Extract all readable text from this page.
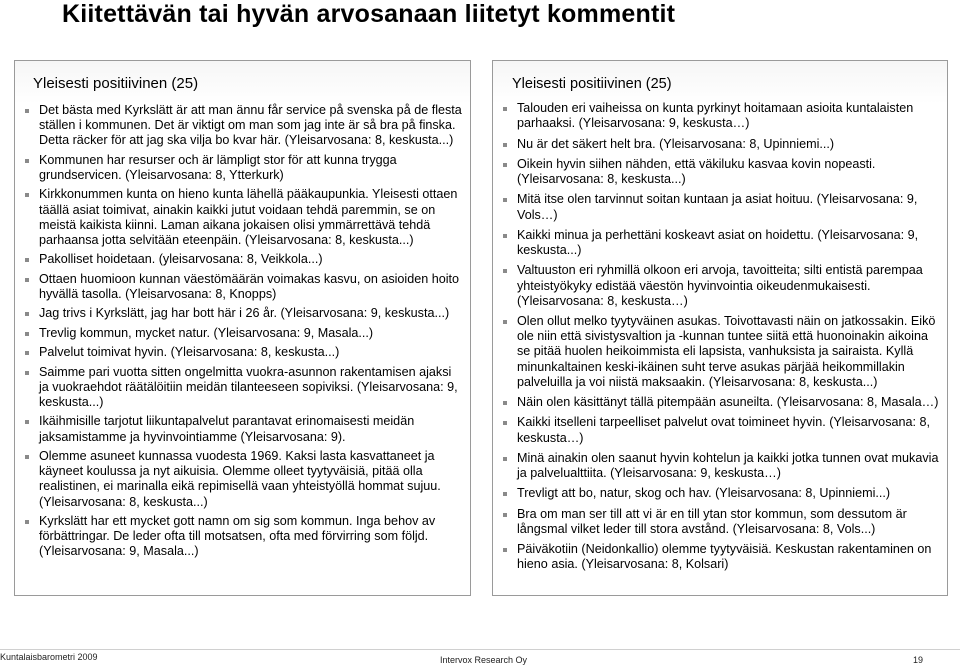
Kiitettävän tai hyvän arvosanaan liitetyt kommentit
Yleisesti positiivinen (25)
Det bästa med Kyrkslätt är att man ännu får service på svenska på de flesta ställen i kommunen. Det är viktigt om man som jag inte är så bra på finska. Detta räcker för att jag ska vilja bo kvar här. (Yleisarvosana: 8, keskusta...)
Kommunen har resurser och är lämpligt stor för att kunna trygga grundservicen. (Yleisarvosana: 8, Ytterkurk)
Kirkkonummen kunta on hieno kunta lähellä pääkaupunkia. Yleisesti ottaen täällä asiat toimivat, ainakin kaikki jutut voidaan tehdä paremmin, se on meistä kaikista kiinni. Laman aikana jokaisen olisi ymmärrettävä tehdä parhaansa jotta selvitään eteenpäin. (Yleisarvosana: 8, keskusta...)
Pakolliset hoidetaan. (yleisarvosana: 8, Veikkola...)
Ottaen huomioon kunnan väestömäärän voimakas kasvu, on asioiden hoito hyvällä tasolla. (Yleisarvosana: 8, Knopps)
Jag trivs i Kyrkslätt, jag har bott här i 26 år. (Yleisarvosana: 9, keskusta...)
Trevlig kommun, mycket natur. (Yleisarvosana: 9, Masala...)
Palvelut toimivat hyvin. (Yleisarvosana: 8, keskusta...)
Saimme pari vuotta sitten ongelmitta vuokra-asunnon rakentamisen ajaksi ja vuokraehdot räätälöitiin meidän tilanteeseen sopiviksi. (Yleisarvosana: 9, keskusta...)
Ikäihmisille tarjotut liikuntapalvelut parantavat erinomaisesti meidän jaksamistamme ja hyvinvointiamme (Yleisarvosana: 9).
Olemme asuneet kunnassa vuodesta 1969. Kaksi lasta kasvattaneet ja käyneet koulussa ja nyt aikuisia. Olemme olleet tyytyväisiä, pitää olla realistinen, ei marinalla eikä repimisellä vaan yhteistyöllä hommat sujuu. (Yleisarvosana: 8, keskusta...)
Kyrkslätt har ett mycket gott namn om sig som kommun. Inga behov av förbättringar. De leder ofta till motsatsen, ofta med förvirring som följd. (Yleisarvosana: 9, Masala...)
Yleisesti positiivinen (25)
Talouden eri vaiheissa on kunta pyrkinyt hoitamaan asioita kuntalaisten parhaaksi. (Yleisarvosana: 9, keskusta…)
Nu är det säkert helt bra. (Yleisarvosana: 8, Upinniemi...)
Oikein hyvin siihen nähden, että väkiluku kasvaa kovin nopeasti. (Yleisarvosana: 8, keskusta...)
Mitä itse olen tarvinnut soitan kuntaan ja asiat hoituu. (Yleisarvosana: 9, Vols…)
Kaikki minua ja perhettäni koskeavt asiat on hoidettu. (Yleisarvosana: 9, keskusta...)
Valtuuston eri ryhmillä olkoon eri arvoja, tavoitteita; silti entistä parempaa yhteistyökyky edistää väestön hyvinvointia oikeudenmukaisesti. (Yleisarvosana: 8, keskusta…)
Olen ollut melko tyytyväinen asukas. Toivottavasti näin on jatkossakin. Eikö ole niin että sivistysvaltion ja -kunnan tuntee siitä että huonoinakin aikoina se pitää huolen heikoimmista eli lapsista, vanhuksista ja sairaista. Kyllä minunkaltainen keski-ikäinen suht terve asukas pärjää heikommillakin palveluilla ja voi niistä maksaakin. (Yleisarvosana: 8, keskusta...)
Näin olen käsittänyt tällä pitempään asuneilta. (Yleisarvosana: 8, Masala…)
Kaikki itselleni tarpeelliset palvelut ovat toimineet hyvin. (Yleisarvosana: 8, keskusta…)
Minä ainakin olen saanut hyvin kohtelun ja kaikki jotka tunnen ovat mukavia ja palvelualttiita. (Yleisarvosana: 9, keskusta…)
Trevligt att bo, natur, skog och hav. (Yleisarvosana: 8, Upinniemi...)
Bra om man ser till att vi är en till ytan stor kommun, som dessutom är långsmal vilket leder till stora avstånd. (Yleisarvosana: 8, Vols...)
Päiväkotiin (Neidonkallio) olemme tyytyväisiä. Keskustan rakentaminen on hieno asia. (Yleisarvosana: 8, Kolsari)
Kuntalaisbarometri 2009	Intervox Research Oy	19
